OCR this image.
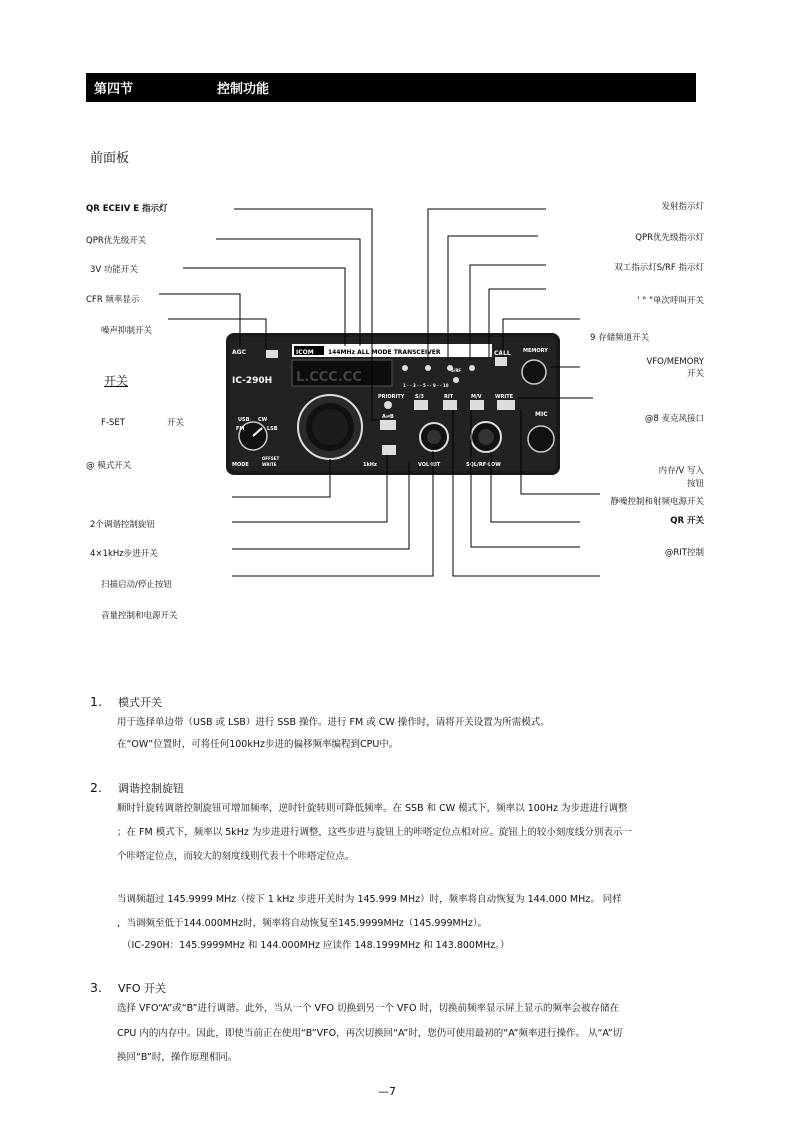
第四节	控制功能
前面板
AGC	ICOM 144MHz ALL MODE TRANSCEIVER	CALL MEMORY
IC-290H L.CCC.CC
PRIORITY S/3	RIT	M/V	WRITE
S/RF
1 · · 3 · · 5 · · 9 · · 10
USB CW
FM	LSB
MODE
OFFSET
WRITE	1kHz
A⇌B	MIC
VOL·RIT	SQL/RF·LOW
QR ECEIV E 指示灯
QPR优先级开关
3V 功能开关
CFR 频率显示
噪声抑制开关
开关
F-SET	开关
@ 模式开关
2个调谐控制旋钮
4×1kHz步进开关
扫描启动/停止按钮
音量控制和电源开关
发射指示灯
QPR优先级指示灯
双工指示灯S/RF 指示灯
' ° "单次呼叫开关
9 存储频道开关
VFO/MEMORY
开关
@8 麦克风接口
内存/V 写入
按钮
静噪控制和射频电源开关
QR 开关
@RIT控制
1. 模式开关
用于选择单边带（USB 或 LSB）进行 SSB 操作。进行 FM 或 CW 操作时，请将开关设置为所需模式。
在“OW”位置时，可将任何100kHz步进的偏移频率编程到CPU中。
2. 调谐控制旋钮
顺时针旋转调谐控制旋钮可增加频率，逆时针旋转则可降低频率。在 SSB 和 CW 模式下，频率以 100Hz 为步进进行调整
；在 FM 模式下，频率以 5kHz 为步进进行调整，这些步进与旋钮上的咔嗒定位点相对应。旋钮上的较小刻度线分别表示一
个咔嗒定位点，而较大的刻度线则代表十个咔嗒定位点。
当调频超过 145.9999 MHz（按下 1 kHz 步进开关时为 145.999 MHz）时，频率将自动恢复为 144.000 MHz。 同样
，当调频至低于144.000MHz时，频率将自动恢复至145.9999MHz（145.999MHz）。
（IC-290H：145.9999MHz 和 144.000MHz 应读作 148.1999MHz 和 143.800MHz。）
3. VFO 开关
选择 VFO“A”或“B”进行调谐。此外，当从一个 VFO 切换到另一个 VFO 时，切换前频率显示屏上显示的频率会被存储在
CPU 内的内存中。因此，即使当前正在使用“B”VFO，再次切换回“A”时，您仍可使用最初的“A”频率进行操作。 从“A”切
换回“B”时，操作原理相同。
—7
